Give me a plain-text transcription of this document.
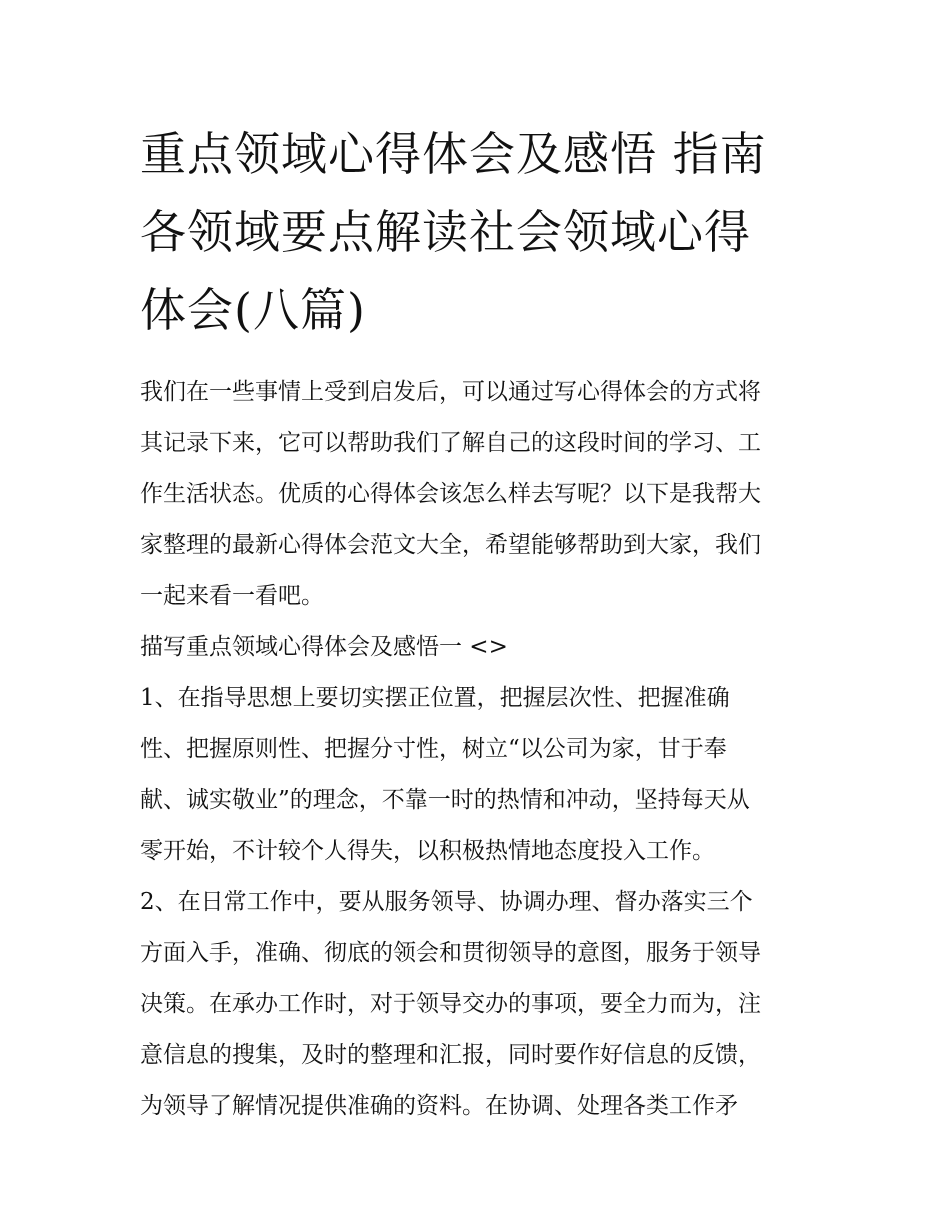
重点领域心得体会及感悟 指南
各领域要点解读社会领域心得
体会(八篇)

我们在一些事情上受到启发后，可以通过写心得体会的方式将
其记录下来，它可以帮助我们了解自己的这段时间的学习、工
作生活状态。优质的心得体会该怎么样去写呢？以下是我帮大
家整理的最新心得体会范文大全，希望能够帮助到大家，我们
一起来看一看吧。

描写重点领域心得体会及感悟一 <>

1、在指导思想上要切实摆正位置，把握层次性、把握准确
性、把握原则性、把握分寸性，树立“以公司为家，甘于奉
献、诚实敬业”的理念，不靠一时的热情和冲动，坚持每天从
零开始，不计较个人得失，以积极热情地态度投入工作。

2、在日常工作中，要从服务领导、协调办理、督办落实三个
方面入手，准确、彻底的领会和贯彻领导的意图，服务于领导
决策。在承办工作时，对于领导交办的事项，要全力而为，注
意信息的搜集，及时的整理和汇报，同时要作好信息的反馈，
为领导了解情况提供准确的资料。在协调、处理各类工作矛
